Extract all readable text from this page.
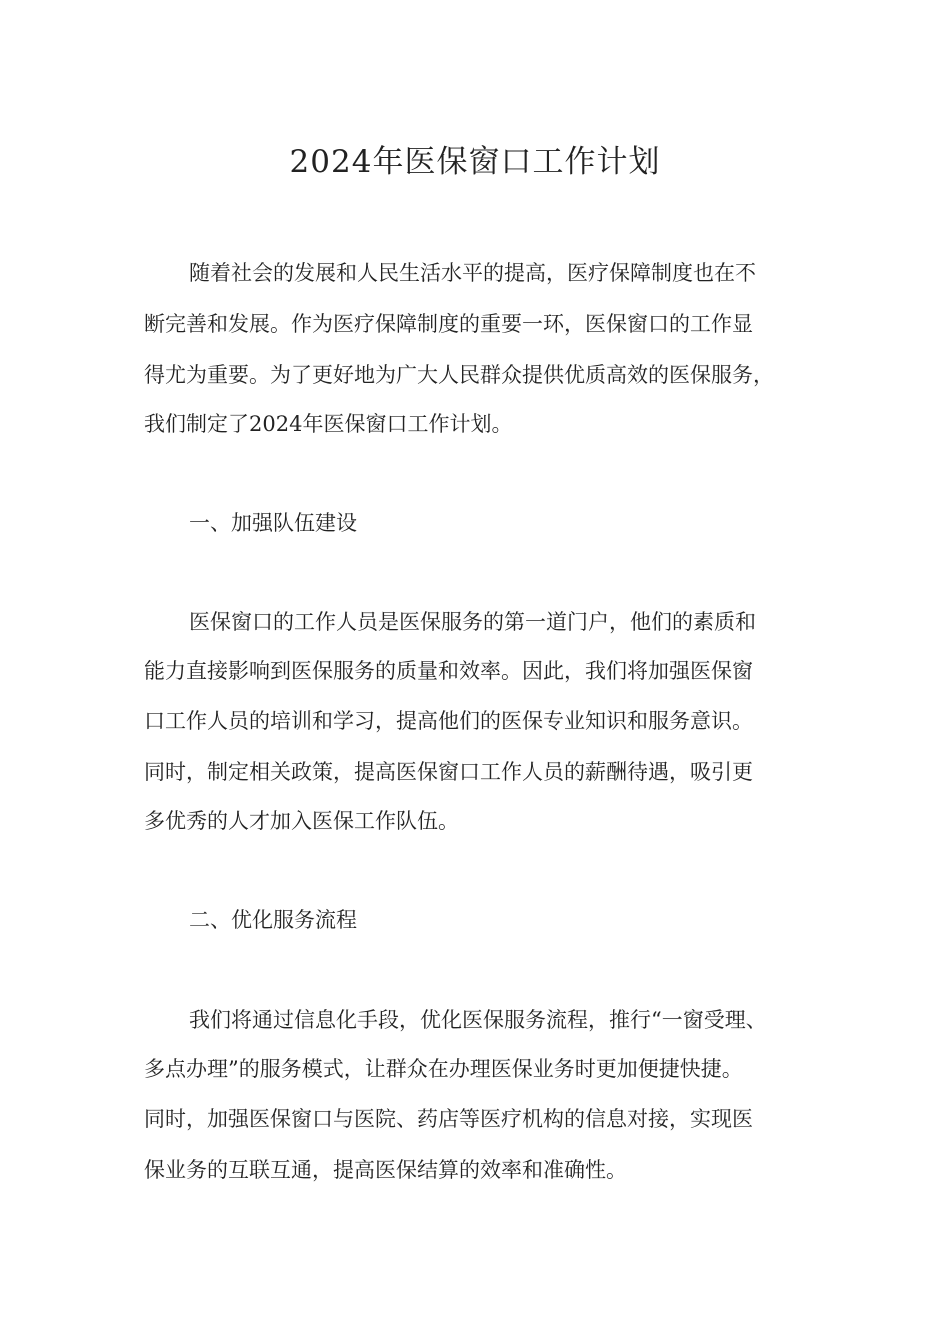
2024年医保窗口工作计划
随着社会的发展和人民生活水平的提高，医疗保障制度也在不
断完善和发展。作为医疗保障制度的重要一环，医保窗口的工作显
得尤为重要。为了更好地为广大人民群众提供优质高效的医保服务，
我们制定了2024年医保窗口工作计划。
一、加强队伍建设
医保窗口的工作人员是医保服务的第一道门户，他们的素质和
能力直接影响到医保服务的质量和效率。因此，我们将加强医保窗
口工作人员的培训和学习，提高他们的医保专业知识和服务意识。
同时，制定相关政策，提高医保窗口工作人员的薪酬待遇，吸引更
多优秀的人才加入医保工作队伍。
二、优化服务流程
我们将通过信息化手段，优化医保服务流程，推行“一窗受理、
多点办理”的服务模式，让群众在办理医保业务时更加便捷快捷。
同时，加强医保窗口与医院、药店等医疗机构的信息对接，实现医
保业务的互联互通，提高医保结算的效率和准确性。
